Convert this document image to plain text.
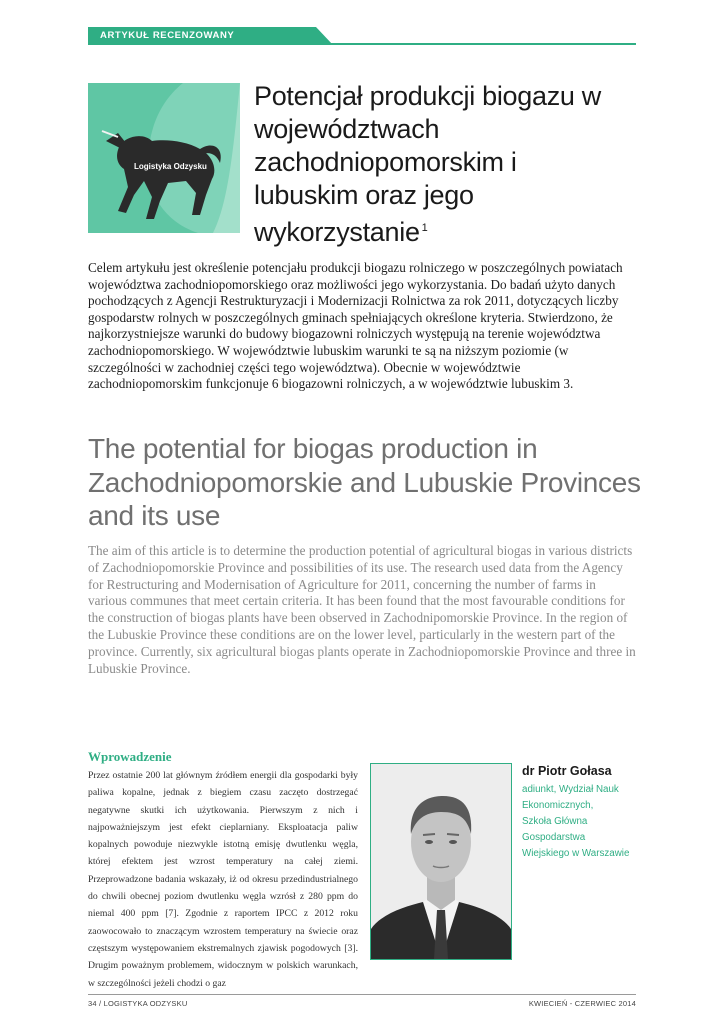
ARTYKUŁ RECENZOWANY
Logistyka Odzysku
Potencjał produkcji biogazu w województwach zachodniopomorskim i lubuskim oraz jego wykorzystanie $^1$

Celem artykułu jest określenie potencjału produkcji biogazu rolniczego w poszczególnych powiatach województwa zachodniopomorskiego oraz możliwości jego wykorzystania. Do badań użyto danych pochodzących z Agencji Restrukturyzacji i Modernizacji Rolnictwa za rok 2011, dotyczących liczby gospodarstw rolnych w poszczególnych gminach spełniających określone kryteria. Stwierdzono, że najkorzystniejsze warunki do budowy biogazowni rolniczych występują na terenie województwa zachodniopomorskiego. W województwie lubuskim warunki te są na niższym poziomie (w szczególności w zachodniej części tego województwa). Obecnie w województwie zachodniopomorskim funkcjonuje 6 biogazowni rolniczych, a w województwie lubuskim 3.

The potential for biogas production in Zachodniopomorskie and Lubuskie Provinces and its use

The aim of this article is to determine the production potential of agricultural biogas in various districts of Zachodniopomorskie Province and possibilities of its use. The research used data from the Agency for Restructuring and Modernisation of Agriculture for 2011, concerning the number of farms in various communes that meet certain criteria. It has been found that the most favourable conditions for the construction of biogas plants have been observed in Zachodnipomorskie Province. In the region of the Lubuskie Province these conditions are on the lower level, particularly in the western part of the province. Currently, six agricultural biogas plants operate in Zachodniopomorskie Province and three in Lubuskie Province.

Wprowadzenie

Przez ostatnie 200 lat głównym źródłem energii dla gospodarki były paliwa kopalne, jednak z biegiem czasu zaczęto dostrzegać negatywne skutki ich użytkowania. Pierwszym z nich i najpoważniejszym jest efekt cieplarniany. Eksploatacja paliw kopalnych powoduje niezwykle istotną emisję dwutlenku węgla, której efektem jest wzrost temperatury na całej ziemi. Przeprowadzone badania wskazały, iż od okresu przedindustrialnego do chwili obecnej poziom dwutlenku węgla wzrósł z 280 ppm do niemal 400 ppm [7]. Zgodnie z raportem IPCC z 2012 roku zaowocowało to znaczącym wzrostem temperatury na świecie oraz częstszym występowaniem ekstremalnych zjawisk pogodowych [3]. Drugim poważnym problemem, widocznym w polskich warunkach, w szczególności jeżeli chodzi o gaz

dr Piotr Gołasa
adiunkt, Wydział Nauk
Ekonomicznych,
Szkoła Główna
Gospodarstwa
Wiejskiego w Warszawie
34 / LOGISTYKA ODZYSKU	KWIECIEŃ - CZERWIEC 2014
